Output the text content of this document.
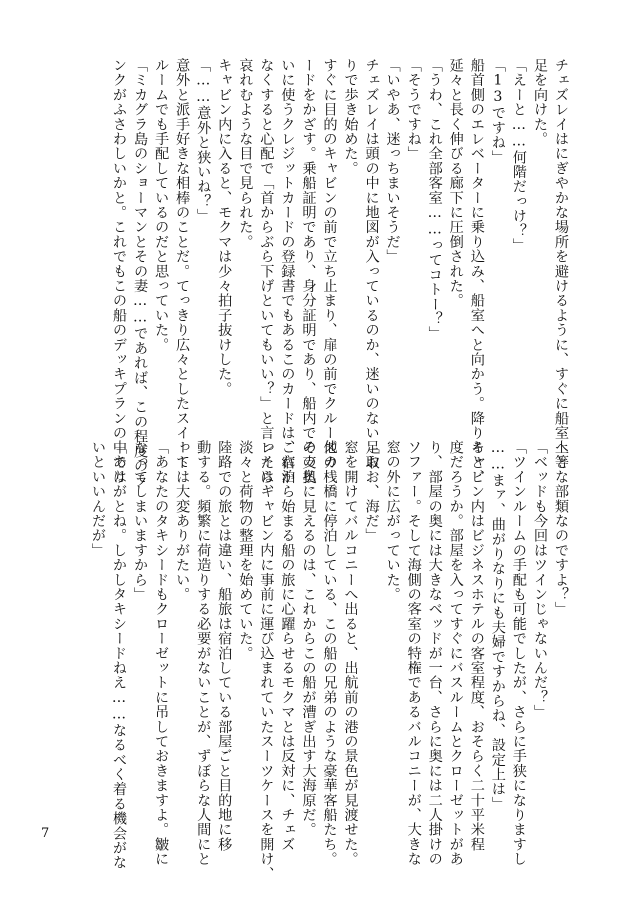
チェズレイはにぎやかな場所を避けるように、すぐに船室へと

足を向けた。

「えーと……何階だっけ？」

「13ですね」

船首側のエレベーターに乗り込み、船室へと向かう。降りると、

延々と長く伸びる廊下に圧倒された。

「うわ、これ全部客室……ってコトー？」

「そうですね」

「いやあ、迷っちまいそうだ」

チェズレイは頭の中に地図が入っているのか、迷いのない足取

りで歩き始めた。

すぐに目的のキャビンの前で立ち止まり、扉の前でクルーズカ

ードをかざす。乗船証明であり、身分証明であり、船内での支払

いに使うクレジットカードの登録書でもあるこのカードは、宿泊

なくすると心配で「首からぶら下げといてもいい？」と言ったら、

哀れむような目で見られた。

キャビン内に入ると、モクマは少々拍子抜けした。

「……意外と狭いね？」

意外と派手好きな相棒のことだ。てっきり広々としたスイート

ルームでも手配しているのだと思っていた。

「ミカグラ島のショーマンとその妻……であれば、この程度のラ

ンクがふさわしいかと。これでもこの船のデッキプランの中では

上等な部類なのですよ？」

「ベッドも今回はツインじゃないんだ？」

「ツインルームの手配も可能でしたが、さらに手狭になりますし

……まァ、曲がりなりにも夫婦ですからね、設定上は」

キャビン内はビジネスホテルの客室程度、おそらく二十平米程

度だろうか。部屋を入ってすぐにバスルームとクローゼットがあ

り、部屋の奥には大きなベッドが一台、さらに奥には二人掛けの

ソファー。そして海側の客室の特権であるバルコニーが、大きな

窓の外に広がっていた。

「おお、海だ」

窓を開けてバルコニーへ出ると、出航前の港の景色が見渡せた。

他の桟橋に停泊している、この船の兄弟のような豪華客船たち。

その奥に見えるのは、これからこの船が漕ぎ出す大海原だ。

これから始まる船の旅に心躍らせるモクマとは反対に、チェズ

レイはキャビン内に事前に運び込まれていたスーツケースを開け、

淡々と荷物の整理を始めていた。

陸路での旅とは違い、船旅は宿泊している部屋ごと目的地に移

動する。頻繁に荷造りする必要がないことが、ずぼらな人間にと

っては大変ありがたい。

「あなたのタキシードもクローゼットに吊しておきますよ。皺に

なってしまいますから」

「ありがとね。しかしタキシードねえ……なるべく着る機会がな

いといいんだが」

7
